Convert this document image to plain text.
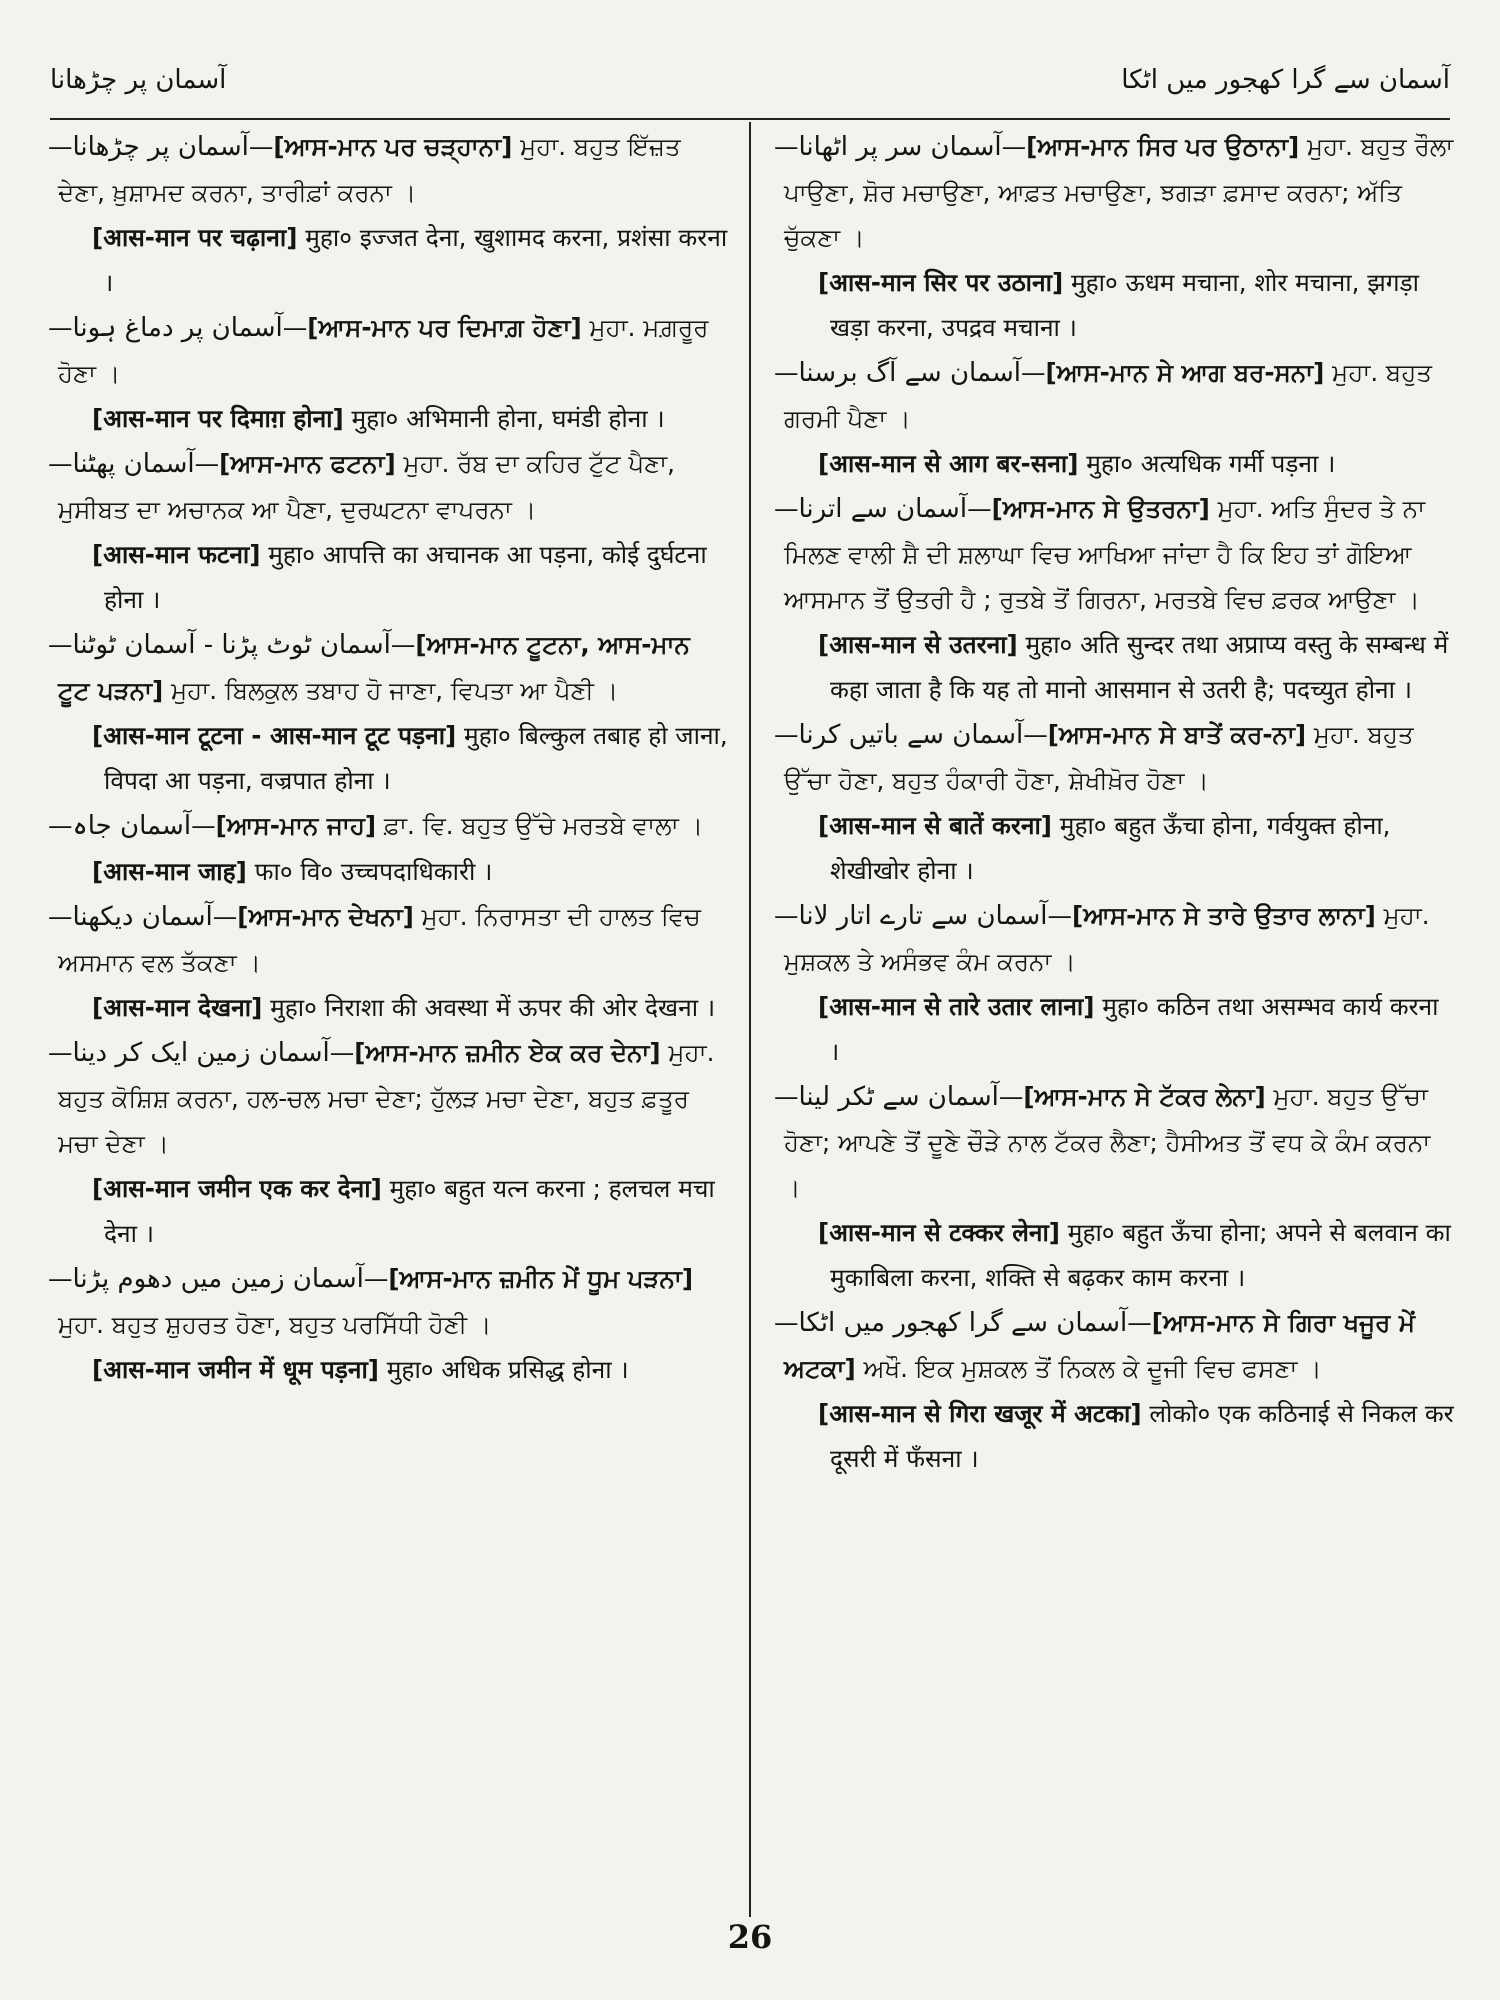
آسمان پر چڑھانا	آسمان سے گرا کھجور میں اٹکا
—آسمان پر چڑھانا—[ਆਸ-ਮਾਨ ਪਰ ਚੜ੍ਹਾਨਾ] ਮੁਹਾ. ਬਹੁਤ ਇੱਜ਼ਤ ਦੇਣਾ, ਖ਼ੁਸ਼ਾਮਦ ਕਰਨਾ, ਤਾਰੀਫ਼ਾਂ ਕਰਨਾ ।
[आस-मान पर चढ़ाना] मुहा० इज्जत देना, खुशामद करना, प्रशंसा करना ।
—آسمان پر دماغ ہونا—[ਆਸ-ਮਾਨ ਪਰ ਦਿਮਾਗ਼ ਹੋਣਾ] ਮੁਹਾ. ਮਗ਼ਰੂਰ ਹੋਣਾ ।
[आस-मान पर दिमाग़ होना] मुहा० अभिमानी होना, घमंडी होना ।
—آسمان پھٹنا—[ਆਸ-ਮਾਨ ਫਟਨਾ] ਮੁਹਾ. ਰੱਬ ਦਾ ਕਹਿਰ ਟੁੱਟ ਪੈਣਾ, ਮੁਸੀਬਤ ਦਾ ਅਚਾਨਕ ਆ ਪੈਣਾ, ਦੁਰਘਟਨਾ ਵਾਪਰਨਾ ।
[आस-मान फटना] मुहा० आपत्ति का अचानक आ पड़ना, कोई दुर्घटना होना ।
—آسمان ٹوٹ پڑنا - آسمان ٹوٹنا—[ਆਸ-ਮਾਨ ਟੂਟਨਾ, ਆਸ-ਮਾਨ ਟੂਟ ਪੜਨਾ] ਮੁਹਾ. ਬਿਲਕੁਲ ਤਬਾਹ ਹੋ ਜਾਣਾ, ਵਿਪਤਾ ਆ ਪੈਣੀ ।
[आस-मान टूटना - आस-मान टूट पड़ना] मुहा० बिल्कुल तबाह हो जाना, विपदा आ पड़ना, वज्रपात होना ।
—آسمان جاہ—[ਆਸ-ਮਾਨ ਜਾਹ] ਫ਼ਾ. ਵਿ. ਬਹੁਤ ਉੱਚੇ ਮਰਤਬੇ ਵਾਲਾ ।
[आस-मान जाह] फा० वि० उच्चपदाधिकारी ।
—آسمان دیکھنا—[ਆਸ-ਮਾਨ ਦੇਖਨਾ] ਮੁਹਾ. ਨਿਰਾਸਤਾ ਦੀ ਹਾਲਤ ਵਿਚ ਅਸਮਾਨ ਵਲ ਤੱਕਣਾ ।
[आस-मान देखना] मुहा० निराशा की अवस्था में ऊपर की ओर देखना ।
—آسمان زمین ایک کر دینا—[ਆਸ-ਮਾਨ ਜ਼ਮੀਨ ਏਕ ਕਰ ਦੇਨਾ] ਮੁਹਾ. ਬਹੁਤ ਕੋਸ਼ਿਸ਼ ਕਰਨਾ, ਹਲ-ਚਲ ਮਚਾ ਦੇਣਾ; ਹੁੱਲੜ ਮਚਾ ਦੇਣਾ, ਬਹੁਤ ਫ਼ਤੂਰ ਮਚਾ ਦੇਣਾ ।
[आस-मान जमीन एक कर देना] मुहा० बहुत यत्न करना ; हलचल मचा देना ।
—آسمان زمین میں دھوم پڑنا—[ਆਸ-ਮਾਨ ਜ਼ਮੀਨ ਮੇਂ ਧੂਮ ਪੜਨਾ] ਮੁਹਾ. ਬਹੁਤ ਸ਼ੁਹਰਤ ਹੋਣਾ, ਬਹੁਤ ਪਰਸਿੱਧੀ ਹੋਣੀ ।
[आस-मान जमीन में धूम पड़ना] मुहा० अधिक प्रसिद्ध होना ।
—آسمان سر پر اٹھانا—[ਆਸ-ਮਾਨ ਸਿਰ ਪਰ ਉਠਾਨਾ] ਮੁਹਾ. ਬਹੁਤ ਰੌਲਾ ਪਾਉਣਾ, ਸ਼ੋਰ ਮਚਾਉਣਾ, ਆਫ਼ਤ ਮਚਾਉਣਾ, ਝਗੜਾ ਫ਼ਸਾਦ ਕਰਨਾ; ਅੱਤਿ ਚੁੱਕਣਾ ।
[आस-मान सिर पर उठाना] मुहा० ऊधम मचाना, शोर मचाना, झगड़ा खड़ा करना, उपद्रव मचाना ।
—آسمان سے آگ برسنا—[ਆਸ-ਮਾਨ ਸੇ ਆਗ ਬਰ-ਸਨਾ] ਮੁਹਾ. ਬਹੁਤ ਗਰਮੀ ਪੈਣਾ ।
[आस-मान से आग बर-सना] मुहा० अत्यधिक गर्मी पड़ना ।
—آسمان سے اترنا—[ਆਸ-ਮਾਨ ਸੇ ਉਤਰਨਾ] ਮੁਹਾ. ਅਤਿ ਸੁੰਦਰ ਤੇ ਨਾ ਮਿਲਣ ਵਾਲੀ ਸ਼ੈ ਦੀ ਸ਼ਲਾਘਾ ਵਿਚ ਆਖਿਆ ਜਾਂਦਾ ਹੈ ਕਿ ਇਹ ਤਾਂ ਗੋਇਆ ਆਸਮਾਨ ਤੋਂ ਉਤਰੀ ਹੈ ; ਰੁਤਬੇ ਤੋਂ ਗਿਰਨਾ, ਮਰਤਬੇ ਵਿਚ ਫ਼ਰਕ ਆਉਣਾ ।
[आस-मान से उतरना] मुहा० अति सुन्दर तथा अप्राप्य वस्तु के सम्बन्ध में कहा जाता है कि यह तो मानो आसमान से उतरी है; पदच्युत होना ।
—آسمان سے باتیں کرنا—[ਆਸ-ਮਾਨ ਸੇ ਬਾਤੇਂ ਕਰ-ਨਾ] ਮੁਹਾ. ਬਹੁਤ ਉੱਚਾ ਹੋਣਾ, ਬਹੁਤ ਹੰਕਾਰੀ ਹੋਣਾ, ਸ਼ੇਖੀਖ਼ੋਰ ਹੋਣਾ ।
[आस-मान से बातें करना] मुहा० बहुत ऊँचा होना, गर्वयुक्त होना, शेखीखोर होना ।
—آسمان سے تارے اتار لانا—[ਆਸ-ਮਾਨ ਸੇ ਤਾਰੇ ਉਤਾਰ ਲਾਨਾ] ਮੁਹਾ. ਮੁਸ਼ਕਲ ਤੇ ਅਸੰਭਵ ਕੰਮ ਕਰਨਾ ।
[आस-मान से तारे उतार लाना] मुहा० कठिन तथा असम्भव कार्य करना ।
—آسمان سے ٹکر لینا—[ਆਸ-ਮਾਨ ਸੇ ਟੱਕਰ ਲੇਨਾ] ਮੁਹਾ. ਬਹੁਤ ਉੱਚਾ ਹੋਣਾ; ਆਪਣੇ ਤੋਂ ਦੂਣੇ ਚੌੜੇ ਨਾਲ ਟੱਕਰ ਲੈਣਾ; ਹੈਸੀਅਤ ਤੋਂ ਵਧ ਕੇ ਕੰਮ ਕਰਨਾ ।
[आस-मान से टक्कर लेना] मुहा० बहुत ऊँचा होना; अपने से बलवान का मुकाबिला करना, शक्ति से बढ़कर काम करना ।
—آسمان سے گرا کھجور میں اٹکا—[ਆਸ-ਮਾਨ ਸੇ ਗਿਰਾ ਖਜੂਰ ਮੇਂ ਅਟਕਾ] ਅਖੌ. ਇਕ ਮੁਸ਼ਕਲ ਤੋਂ ਨਿਕਲ ਕੇ ਦੂਜੀ ਵਿਚ ਫਸਣਾ ।
[आस-मान से गिरा खजूर में अटका] लोको० एक कठिनाई से निकल कर दूसरी में फँसना ।
26
